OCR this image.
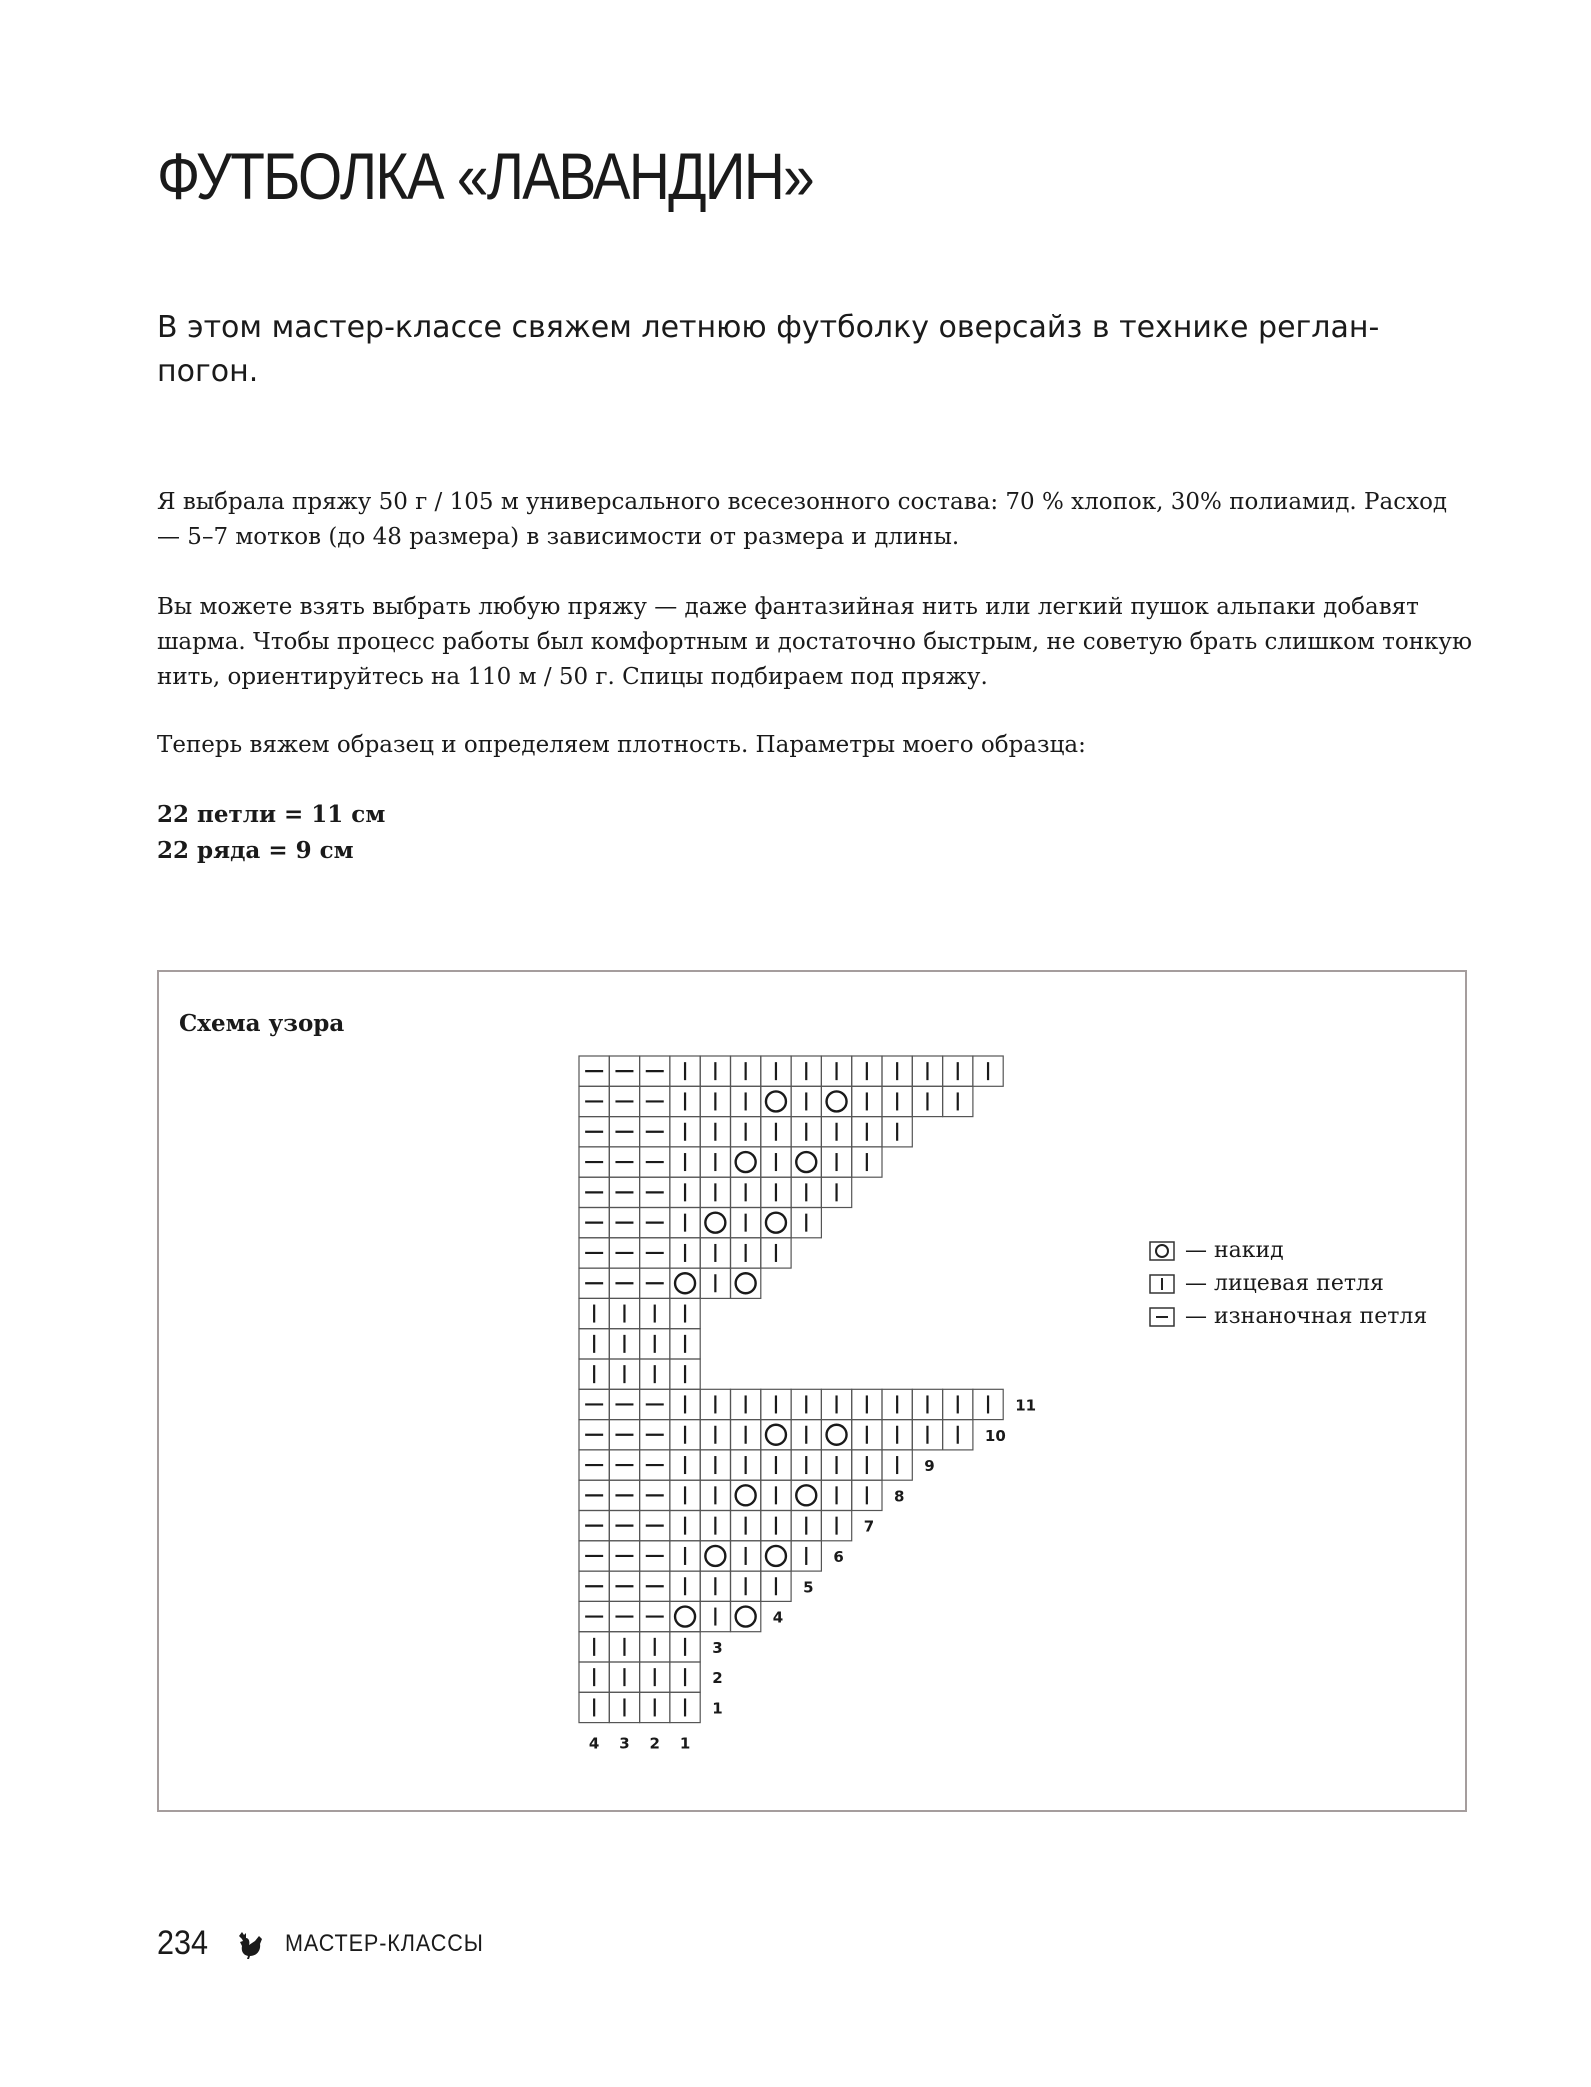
ФУТБОЛКА «ЛАВАНДИН»

В этом мастер-классе свяжем летнюю футболку оверсайз в технике реглан-погон.

Я выбрала пряжу 50 г / 105 м универсального всесезонного состава: 70 % хлопок, 30% полиамид. Расход — 5–7 мотков (до 48 размера) в зависимости от размера и длины.

Вы можете взять выбрать любую пряжу — даже фантазийная нить или легкий пушок альпаки добавят шарма. Чтобы процесс работы был комфортным и достаточно быстрым, не советую брать слишком тонкую нить, ориентируйтесь на 110 м / 50 г. Спицы подбираем под пряжу.

Теперь вяжем образец и определяем плотность. Параметры моего образца:

22 петли = 11 см
22 ряда = 9 см
Схема узора
11
10
9
8
7
6
5
4
3
2
1
4 3 2 1
— накид
— лицевая петля
— изнаночная петля
234	МАСТЕР-КЛАССЫ
